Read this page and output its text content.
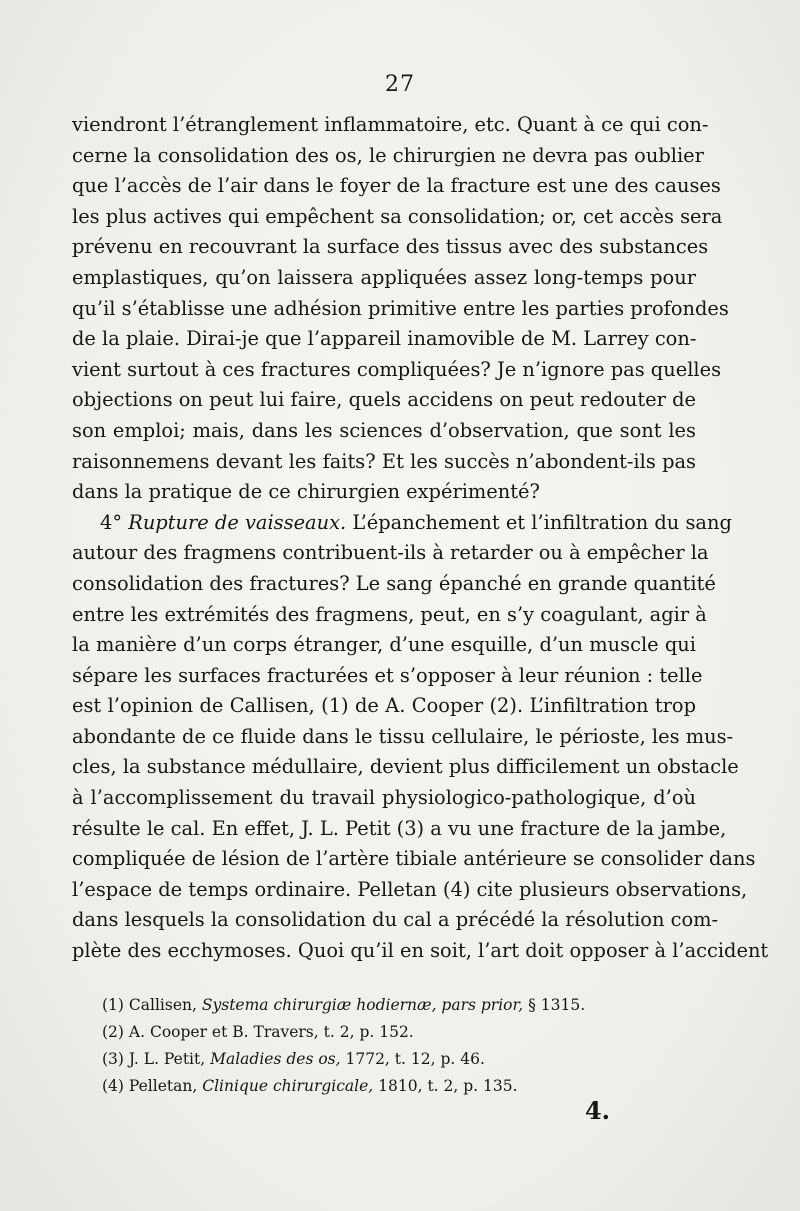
27
viendront l’étranglement inflammatoire, etc. Quant à ce qui con-
cerne la consolidation des os, le chirurgien ne devra pas oublier
que l’accès de l’air dans le foyer de la fracture est une des causes
les plus actives qui empêchent sa consolidation; or, cet accès sera
prévenu en recouvrant la surface des tissus avec des substances
emplastiques, qu’on laissera appliquées assez long-temps pour
qu’il s’établisse une adhésion primitive entre les parties profondes
de la plaie. Dirai-je que l’appareil inamovible de M. Larrey con-
vient surtout à ces fractures compliquées? Je n’ignore pas quelles
objections on peut lui faire, quels accidens on peut redouter de
son emploi; mais, dans les sciences d’observation, que sont les
raisonnemens devant les faits? Et les succès n’abondent-ils pas
dans la pratique de ce chirurgien expérimenté?
4° Rupture de vaisseaux. L’épanchement et l’infiltration du sang
autour des fragmens contribuent-ils à retarder ou à empêcher la
consolidation des fractures? Le sang épanché en grande quantité
entre les extrémités des fragmens, peut, en s’y coagulant, agir à
la manière d’un corps étranger, d’une esquille, d’un muscle qui
sépare les surfaces fracturées et s’opposer à leur réunion : telle
est l’opinion de Callisen, (1) de A. Cooper (2). L’infiltration trop
abondante de ce fluide dans le tissu cellulaire, le périoste, les mus-
cles, la substance médullaire, devient plus difficilement un obstacle
à l’accomplissement du travail physiologico-pathologique, d’où
résulte le cal. En effet, J. L. Petit (3) a vu une fracture de la jambe,
compliquée de lésion de l’artère tibiale antérieure se consolider dans
l’espace de temps ordinaire. Pelletan (4) cite plusieurs observations,
dans lesquels la consolidation du cal a précédé la résolution com-
plète des ecchymoses. Quoi qu’il en soit, l’art doit opposer à l’accident
(1) Callisen, Systema chirurgiæ hodiernæ, pars prior, § 1315.
(2) A. Cooper et B. Travers, t. 2, p. 152.
(3) J. L. Petit, Maladies des os, 1772, t. 12, p. 46.
(4) Pelletan, Clinique chirurgicale, 1810, t. 2, p. 135.
4.
